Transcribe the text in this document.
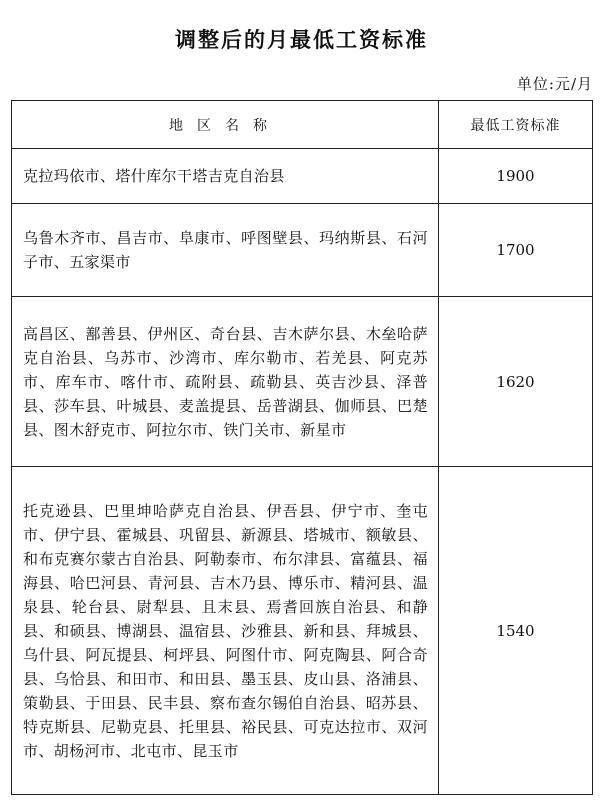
调整后的月最低工资标准
单位:元/月
地区名称	最低工资标准
克拉玛依市、塔什库尔干塔吉克自治县	1900
乌鲁木齐市、昌吉市、阜康市、呼图壁县、玛纳斯县、石河子市、五家渠市	1700
高昌区、鄯善县、伊州区、奇台县、吉木萨尔县、木垒哈萨克自治县、乌苏市、沙湾市、库尔勒市、若羌县、阿克苏市、库车市、喀什市、疏附县、疏勒县、英吉沙县、泽普县、莎车县、叶城县、麦盖提县、岳普湖县、伽师县、巴楚县、图木舒克市、阿拉尔市、铁门关市、新星市	1620
托克逊县、巴里坤哈萨克自治县、伊吾县、伊宁市、奎屯市、伊宁县、霍城县、巩留县、新源县、塔城市、额敏县、和布克赛尔蒙古自治县、阿勒泰市、布尔津县、富蕴县、福海县、哈巴河县、青河县、吉木乃县、博乐市、精河县、温泉县、轮台县、尉犁县、且末县、焉耆回族自治县、和静县、和硕县、博湖县、温宿县、沙雅县、新和县、拜城县、乌什县、阿瓦提县、柯坪县、阿图什市、阿克陶县、阿合奇县、乌恰县、和田市、和田县、墨玉县、皮山县、洛浦县、策勒县、于田县、民丰县、察布查尔锡伯自治县、昭苏县、特克斯县、尼勒克县、托里县、裕民县、可克达拉市、双河市、胡杨河市、北屯市、昆玉市	1540
